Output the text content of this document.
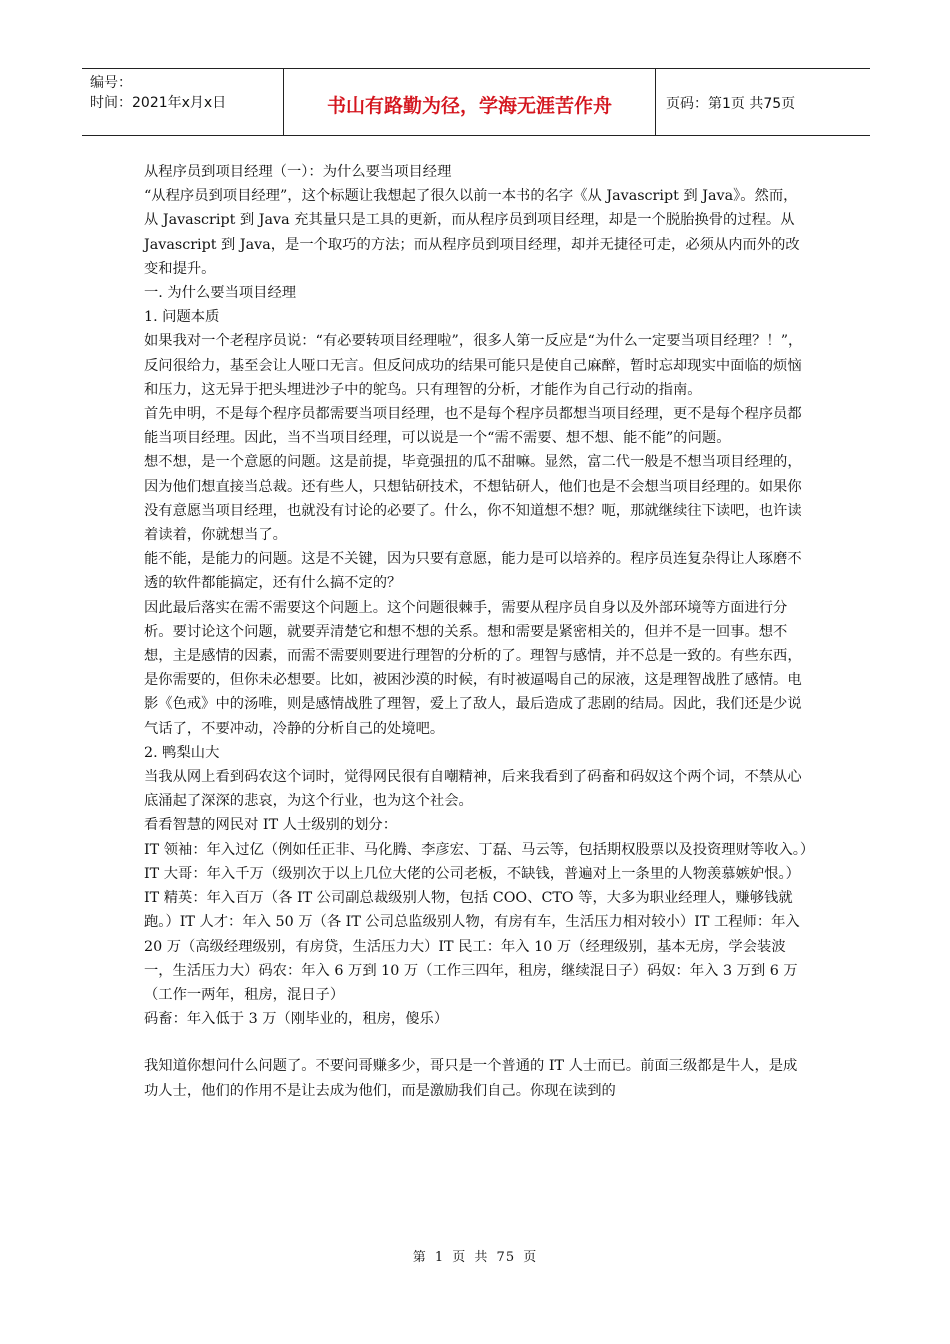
编号：
时间：2021年x月x日	书山有路勤为径，学海无涯苦作舟	页码：第1页 共75页

从程序员到项目经理（一）：为什么要当项目经理

“从程序员到项目经理”，这个标题让我想起了很久以前一本书的名字《从 Javascript 到 Java》。然而，从 Javascript 到 Java 充其量只是工具的更新，而从程序员到项目经理，却是一个脱胎换骨的过程。从 Javascript 到 Java，是一个取巧的方法；而从程序员到项目经理，却并无捷径可走，必须从内而外的改变和提升。

一. 为什么要当项目经理

1. 问题本质

如果我对一个老程序员说：“有必要转项目经理啦”，很多人第一反应是“为什么一定要当项目经理？！”，反问很给力，基至会让人哑口无言。但反问成功的结果可能只是使自己麻醉，暂时忘却现实中面临的烦恼和压力，这无异于把头埋进沙子中的鸵鸟。只有理智的分析，才能作为自己行动的指南。

首先申明，不是每个程序员都需要当项目经理，也不是每个程序员都想当项目经理，更不是每个程序员都能当项目经理。因此，当不当项目经理，可以说是一个“需不需要、想不想、能不能”的问题。

想不想，是一个意愿的问题。这是前提，毕竟强扭的瓜不甜嘛。显然，富二代一般是不想当项目经理的，因为他们想直接当总裁。还有些人，只想钻研技术，不想钻研人，他们也是不会想当项目经理的。如果你没有意愿当项目经理，也就没有讨论的必要了。什么，你不知道想不想？呃，那就继续往下读吧，也许读着读着，你就想当了。

能不能，是能力的问题。这是不关键，因为只要有意愿，能力是可以培养的。程序员连复杂得让人琢磨不透的软件都能搞定，还有什么搞不定的？

因此最后落实在需不需要这个问题上。这个问题很棘手，需要从程序员自身以及外部环境等方面进行分析。要讨论这个问题，就要弄清楚它和想不想的关系。想和需要是紧密相关的，但并不是一回事。想不想，主是感情的因素，而需不需要则要进行理智的分析的了。理智与感情，并不总是一致的。有些东西，是你需要的，但你未必想要。比如，被困沙漠的时候，有时被逼喝自己的尿液，这是理智战胜了感情。电影《色戒》中的汤唯，则是感情战胜了理智，爱上了敌人，最后造成了悲剧的结局。因此，我们还是少说气话了，不要冲动，冷静的分析自己的处境吧。

2. 鸭梨山大

当我从网上看到码农这个词时，觉得网民很有自嘲精神，后来我看到了码畜和码奴这个两个词，不禁从心底涌起了深深的悲哀，为这个行业，也为这个社会。

看看智慧的网民对 IT 人士级别的划分：

IT 领袖：年入过亿（例如任正非、马化腾、李彦宏、丁磊、马云等，包括期权股票以及投资理财等收入。）IT 大哥：年入千万（级别次于以上几位大佬的公司老板，不缺钱，普遍对上一条里的人物羡慕嫉妒恨。）IT 精英：年入百万（各 IT 公司副总裁级别人物，包括 COO、CTO 等，大多为职业经理人，赚够钱就跑。）IT 人才：年入 50 万（各 IT 公司总监级别人物，有房有车，生活压力相对较小）IT 工程师：年入 20 万（高级经理级别，有房贷，生活压力大）IT 民工：年入 10 万（经理级别，基本无房，学会装波一，生活压力大）码农：年入 6 万到 10 万（工作三四年，租房，继续混日子）码奴：年入 3 万到 6 万（工作一两年，租房，混日子）

码畜：年入低于 3 万（刚毕业的，租房，傻乐）

我知道你想问什么问题了。不要问哥赚多少，哥只是一个普通的 IT 人士而已。前面三级都是牛人，是成功人士，他们的作用不是让去成为他们，而是激励我们自己。你现在读到的

第 1 页 共 75 页
